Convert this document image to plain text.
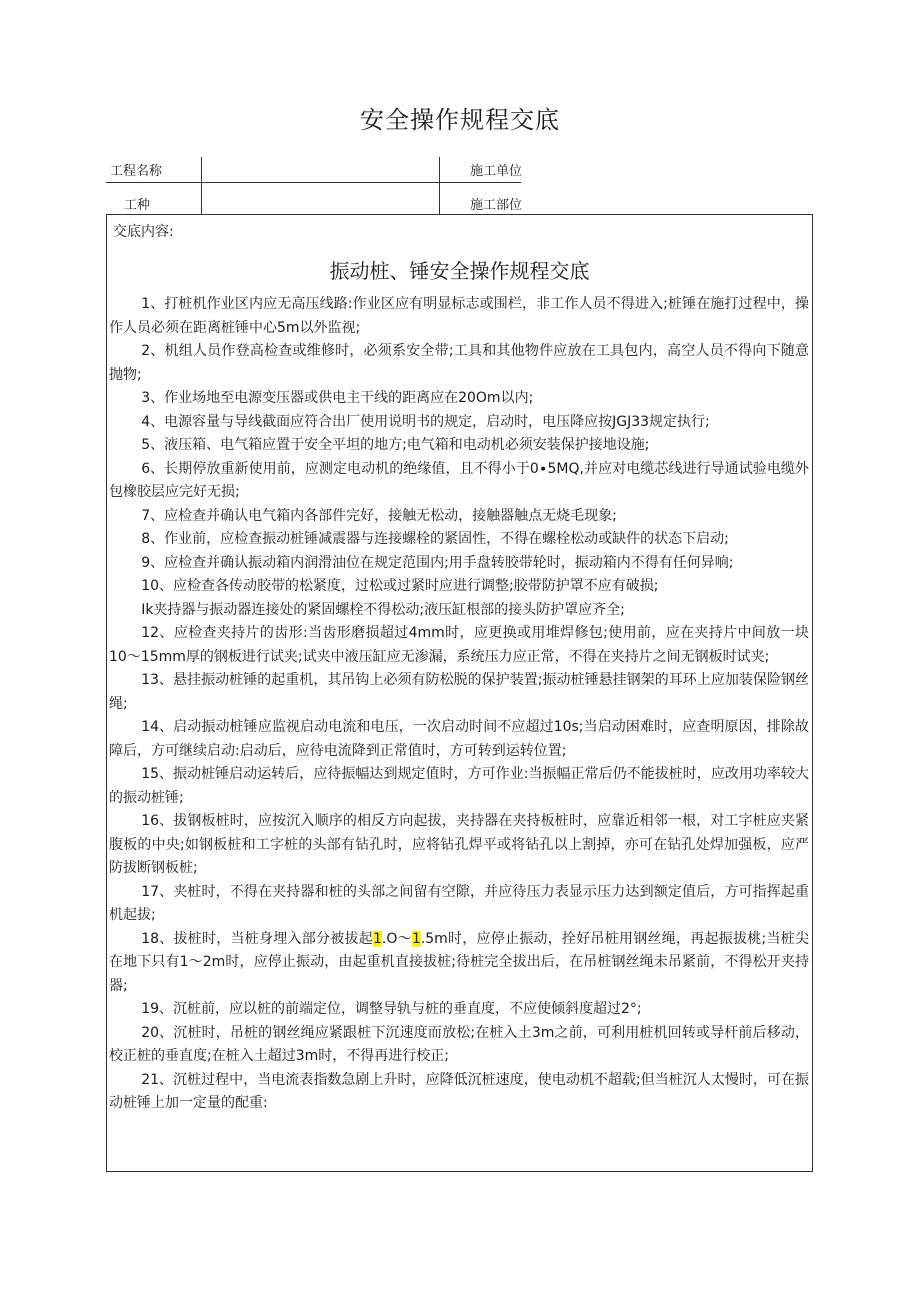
安全操作规程交底
工程名称
工种
施工单位
施工部位
交底内容:
振动桩、锤安全操作规程交底

1、打桩机作业区内应无高压线路:作业区应有明显标志或围栏，非工作人员不得进入;桩锤在施打过程中，操作人员必须在距离桩锤中心5m以外监视;

2、机组人员作登高检查或维修时，必须系安全带;工具和其他物件应放在工具包内，高空人员不得向下随意抛物;

3、作业场地至电源变压器或供电主干线的距离应在20Om以内;

4、电源容量与导线截面应符合出厂使用说明书的规定，启动时，电压降应按JGJ33规定执行;

5、液压箱、电气箱应置于安全平坦的地方;电气箱和电动机必须安装保护接地设施;

6、长期停放重新使用前，应测定电动机的绝缘值，且不得小于0∙5MQ,并应对电缆芯线进行导通试验电缆外包橡胶层应完好无损;

7、应检查并确认电气箱内各部件完好，接触无松动，接触器触点无烧毛现象;

8、作业前，应检查振动桩锤减震器与连接螺栓的紧固性，不得在螺栓松动或缺件的状态下启动;

9、应检查并确认振动箱内润滑油位在规定范围内;用手盘转胶带轮时，振动箱内不得有任何异响;

10、应检查各传动胶带的松紧度，过松或过紧时应进行调整;胶带防护罩不应有破损;

Ik夹持器与振动器连接处的紧固螺栓不得松动;液压缸根部的接头防护罩应齐全;

12、应检查夹持片的齿形:当齿形磨损超过4mm时，应更换或用堆焊修包;使用前，应在夹持片中间放一块10〜15mm厚的钢板进行试夹;试夹中液压缸应无渗漏，系统压力应正常，不得在夹持片之间无钢板时试夹;

13、悬挂振动桩锤的起重机，其吊钩上必须有防松脱的保护装置;振动桩锤悬挂钢架的耳环上应加装保险钢丝绳;

14、启动振动桩锤应监视启动电流和电压，一次启动时间不应超过10s;当启动困难时，应查明原因，排除故障后，方可继续启动:启动后，应待电流降到正常值时，方可转到运转位置;

15、振动桩锤启动运转后，应待振幅达到规定值时，方可作业:当振幅正常后仍不能拔桩时，应改用功率较大的振动桩锤;

16、拔钢板桩时，应按沉入顺序的相反方向起拔，夹持器在夹持板桩时，应靠近相邻一根，对工字桩应夹紧腹板的中央;如钢板桩和工字桩的头部有钻孔时，应将钻孔焊平或将钻孔以上割掉，亦可在钻孔处焊加强板，应严防拔断钢板桩;

17、夹桩时，不得在夹持器和桩的头部之间留有空隙，并应待压力表显示压力达到额定值后，方可指挥起重机起拔;

18、拔桩时，当桩身埋入部分被拔起1.O〜1.5m时，应停止振动，拴好吊桩用钢丝绳，再起振拔桃;当桩尖在地下只有1〜2m时，应停止振动，由起重机直接拔桩;待桩完全拔出后，在吊桩钢丝绳未吊紧前，不得松开夹持器;

19、沉桩前，应以桩的前端定位，调整导轨与桩的垂直度，不应使倾斜度超过2°;

20、沉桩时，吊桩的钢丝绳应紧跟桩下沉速度而放松;在桩入土3m之前，可利用桩机回转或导杆前后移动，校正桩的垂直度;在桩入土超过3m时，不得再进行校正;

21、沉桩过程中，当电流表指数急剧上升时，应降低沉桩速度，使电动机不超载;但当桩沉人太慢时，可在振动桩锤上加一定量的配重:
